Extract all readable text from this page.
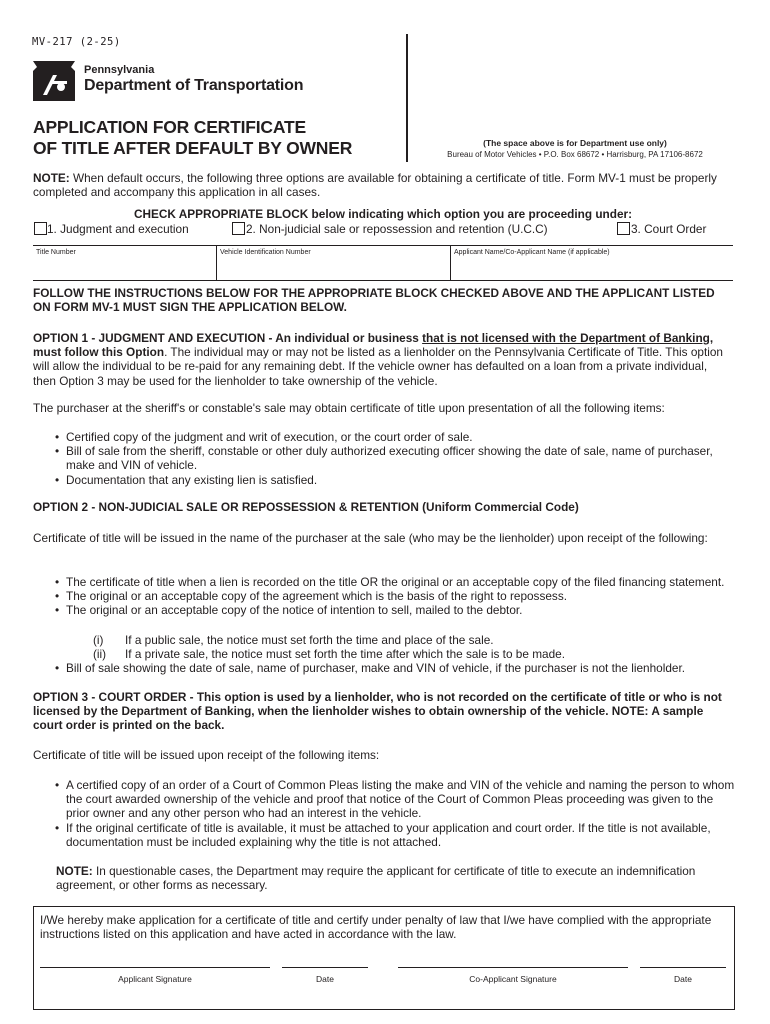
MV-217 (2-25)
Pennsylvania
Department of Transportation
APPLICATION FOR CERTIFICATE
OF TITLE AFTER DEFAULT BY OWNER	(The space above is for Department use only)
Bureau of Motor Vehicles • P.O. Box 68672 • Harrisburg, PA 17106-8672
NOTE: When default occurs, the following three options are available for obtaining a certificate of title. Form MV-1 must be properly completed and accompany this application in all cases.
CHECK APPROPRIATE BLOCK below indicating which option you are proceeding under:
1. Judgment and execution	2. Non-judicial sale or repossession and retention (U.C.C)	3. Court Order
Title Number	Vehicle Identification Number	Applicant Name/Co-Applicant Name (if applicable)
FOLLOW THE INSTRUCTIONS BELOW FOR THE APPROPRIATE BLOCK CHECKED ABOVE AND THE APPLICANT LISTED ON FORM MV-1 MUST SIGN THE APPLICATION BELOW.
OPTION 1 - JUDGMENT AND EXECUTION - An individual or business that is not licensed with the Department of Banking, must follow this Option. The individual may or may not be listed as a lienholder on the Pennsylvania Certificate of Title. This option will allow the individual to be re-paid for any remaining debt. If the vehicle owner has defaulted on a loan from a private individual, then Option 3 may be used for the lienholder to take ownership of the vehicle.
The purchaser at the sheriff's or constable's sale may obtain certificate of title upon presentation of all the following items:
• Certified copy of the judgment and writ of execution, or the court order of sale.
• Bill of sale from the sheriff, constable or other duly authorized executing officer showing the date of sale, name of purchaser, make and VIN of vehicle.
• Documentation that any existing lien is satisfied.
OPTION 2 - NON-JUDICIAL SALE OR REPOSSESSION & RETENTION (Uniform Commercial Code)
Certificate of title will be issued in the name of the purchaser at the sale (who may be the lienholder) upon receipt of the following:
• The certificate of title when a lien is recorded on the title OR the original or an acceptable copy of the filed financing statement.
• The original or an acceptable copy of the agreement which is the basis of the right to repossess.
• The original or an acceptable copy of the notice of intention to sell, mailed to the debtor.
(i) If a public sale, the notice must set forth the time and place of the sale.
(ii) If a private sale, the notice must set forth the time after which the sale is to be made.
• Bill of sale showing the date of sale, name of purchaser, make and VIN of vehicle, if the purchaser is not the lienholder.
OPTION 3 - COURT ORDER - This option is used by a lienholder, who is not recorded on the certificate of title or who is not licensed by the Department of Banking, when the lienholder wishes to obtain ownership of the vehicle. NOTE: A sample court order is printed on the back.
Certificate of title will be issued upon receipt of the following items:
• A certified copy of an order of a Court of Common Pleas listing the make and VIN of the vehicle and naming the person to whom the court awarded ownership of the vehicle and proof that notice of the Court of Common Pleas proceeding was given to the prior owner and any other person who had an interest in the vehicle.
• If the original certificate of title is available, it must be attached to your application and court order. If the title is not available, documentation must be included explaining why the title is not attached.
NOTE: In questionable cases, the Department may require the applicant for certificate of title to execute an indemnification agreement, or other forms as necessary.
I/We hereby make application for a certificate of title and certify under penalty of law that I/we have complied with the appropriate instructions listed on this application and have acted in accordance with the law.
Applicant Signature	Date	Co-Applicant Signature	Date
